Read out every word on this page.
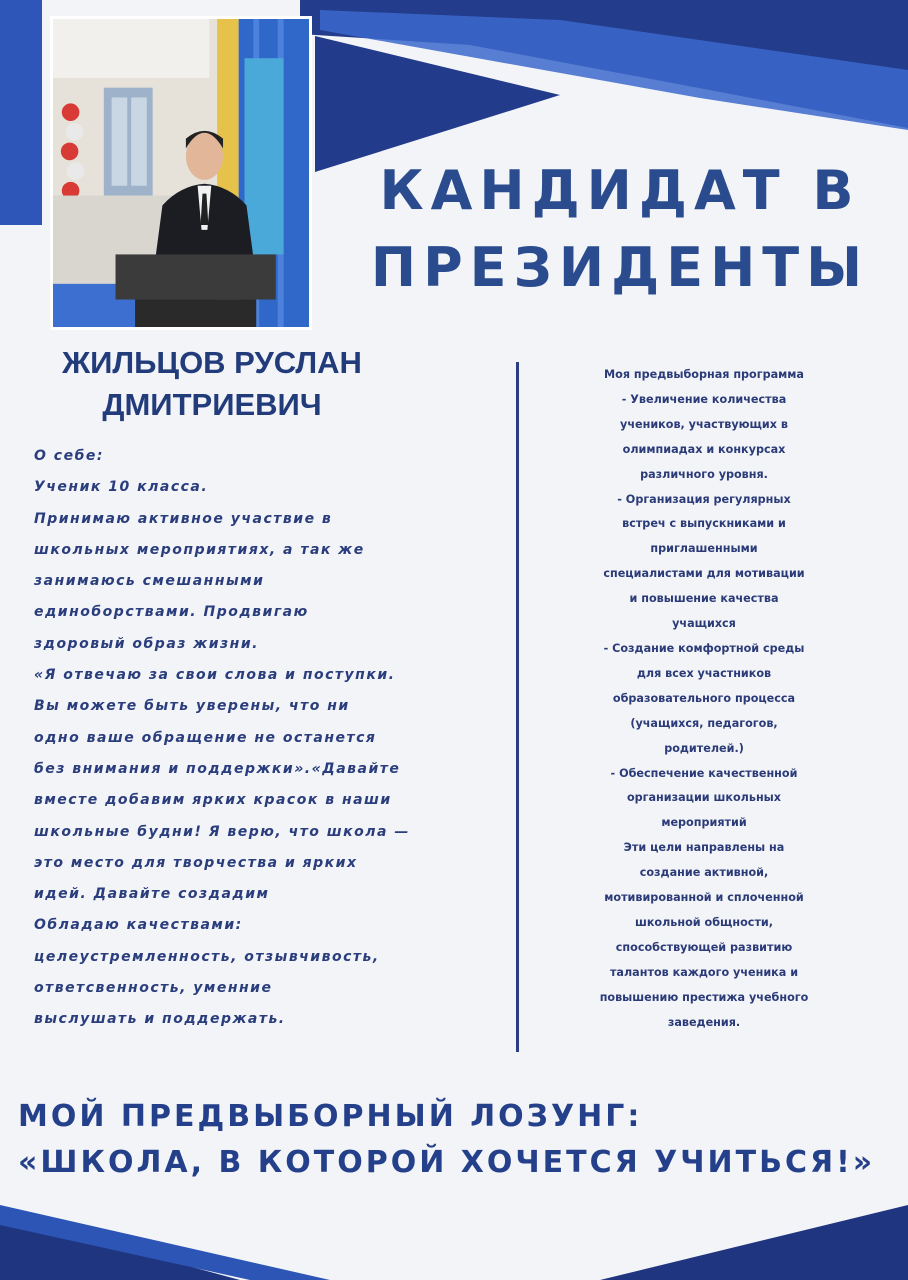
КАНДИДАТ В
ПРЕЗИДЕНТЫ
ЖИЛЬЦОВ РУСЛАН
ДМИТРИЕВИЧ
О себе:
Ученик 10 класса.
Принимаю активное участвие в
школьных мероприятиях, а так же
занимаюсь смешанными
единоборствами. Продвигаю
здоровый образ жизни.
«Я отвечаю за свои слова и поступки.
Вы можете быть уверены, что ни
одно ваше обращение не останется
без внимания и поддержки».«Давайте
вместе добавим ярких красок в наши
школьные будни! Я верю, что школа —
это место для творчества и ярких
идей. Давайте создадим
Обладаю качествами:
целеустремленность, отзывчивость,
ответсвенность, уменние
выслушать и поддержать.
Моя предвыборная программа
- Увеличение количества
учеников, участвующих в
олимпиадах и конкурсах
различного уровня.
- Организация регулярных
встреч с выпускниками и
приглашенными
специалистами для мотивации
и повышение качества
учащихся
- Создание комфортной среды
для всех участников
образовательного процесса
(учащихся, педагогов,
родителей.)
- Обеспечение качественной
организации школьных
мероприятий
Эти цели направлены на
создание активной,
мотивированной и сплоченной
школьной общности,
способствующей развитию
талантов каждого ученика и
повышению престижа учебного
заведения.
МОЙ ПРЕДВЫБОРНЫЙ ЛОЗУНГ:
«ШКОЛА, В КОТОРОЙ ХОЧЕТСЯ УЧИТЬСЯ!»
